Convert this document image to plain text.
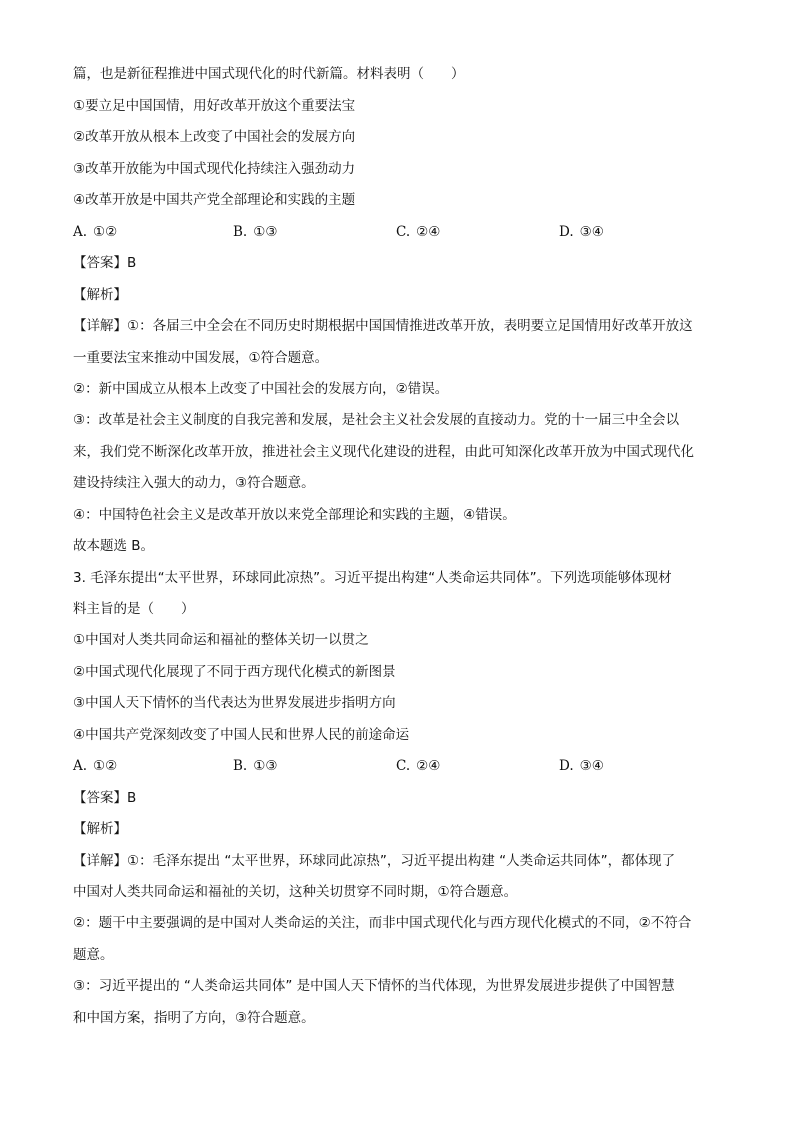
篇，也是新征程推进中国式现代化的时代新篇。材料表明（　　）

①要立足中国国情，用好改革开放这个重要法宝

②改革开放从根本上改变了中国社会的发展方向

③改革开放能为中国式现代化持续注入强劲动力

④改革开放是中国共产党全部理论和实践的主题

A. ①②	B. ①③	C. ②④	D. ③④

【答案】B

【解析】

【详解】①：各届三中全会在不同历史时期根据中国国情推进改革开放，表明要立足国情用好改革开放这

一重要法宝来推动中国发展，①符合题意。

②：新中国成立从根本上改变了中国社会的发展方向，②错误。

③：改革是社会主义制度的自我完善和发展，是社会主义社会发展的直接动力。党的十一届三中全会以

来，我们党不断深化改革开放，推进社会主义现代化建设的进程，由此可知深化改革开放为中国式现代化

建设持续注入强大的动力，③符合题意。

④：中国特色社会主义是改革开放以来党全部理论和实践的主题，④错误。

故本题选 B。

3. 毛泽东提出“太平世界，环球同此凉热”。习近平提出构建“人类命运共同体”。下列选项能够体现材

料主旨的是（　　）

①中国对人类共同命运和福祉的整体关切一以贯之

②中国式现代化展现了不同于西方现代化模式的新图景

③中国人天下情怀的当代表达为世界发展进步指明方向

④中国共产党深刻改变了中国人民和世界人民的前途命运

A. ①②	B. ①③	C. ②④	D. ③④

【答案】B

【解析】

【详解】①：毛泽东提出 “太平世界，环球同此凉热”，习近平提出构建 “人类命运共同体”，都体现了

中国对人类共同命运和福祉的关切，这种关切贯穿不同时期，①符合题意。

②：题干中主要强调的是中国对人类命运的关注，而非中国式现代化与西方现代化模式的不同，②不符合

题意。

③：习近平提出的 “人类命运共同体” 是中国人天下情怀的当代体现，为世界发展进步提供了中国智慧

和中国方案，指明了方向，③符合题意。
